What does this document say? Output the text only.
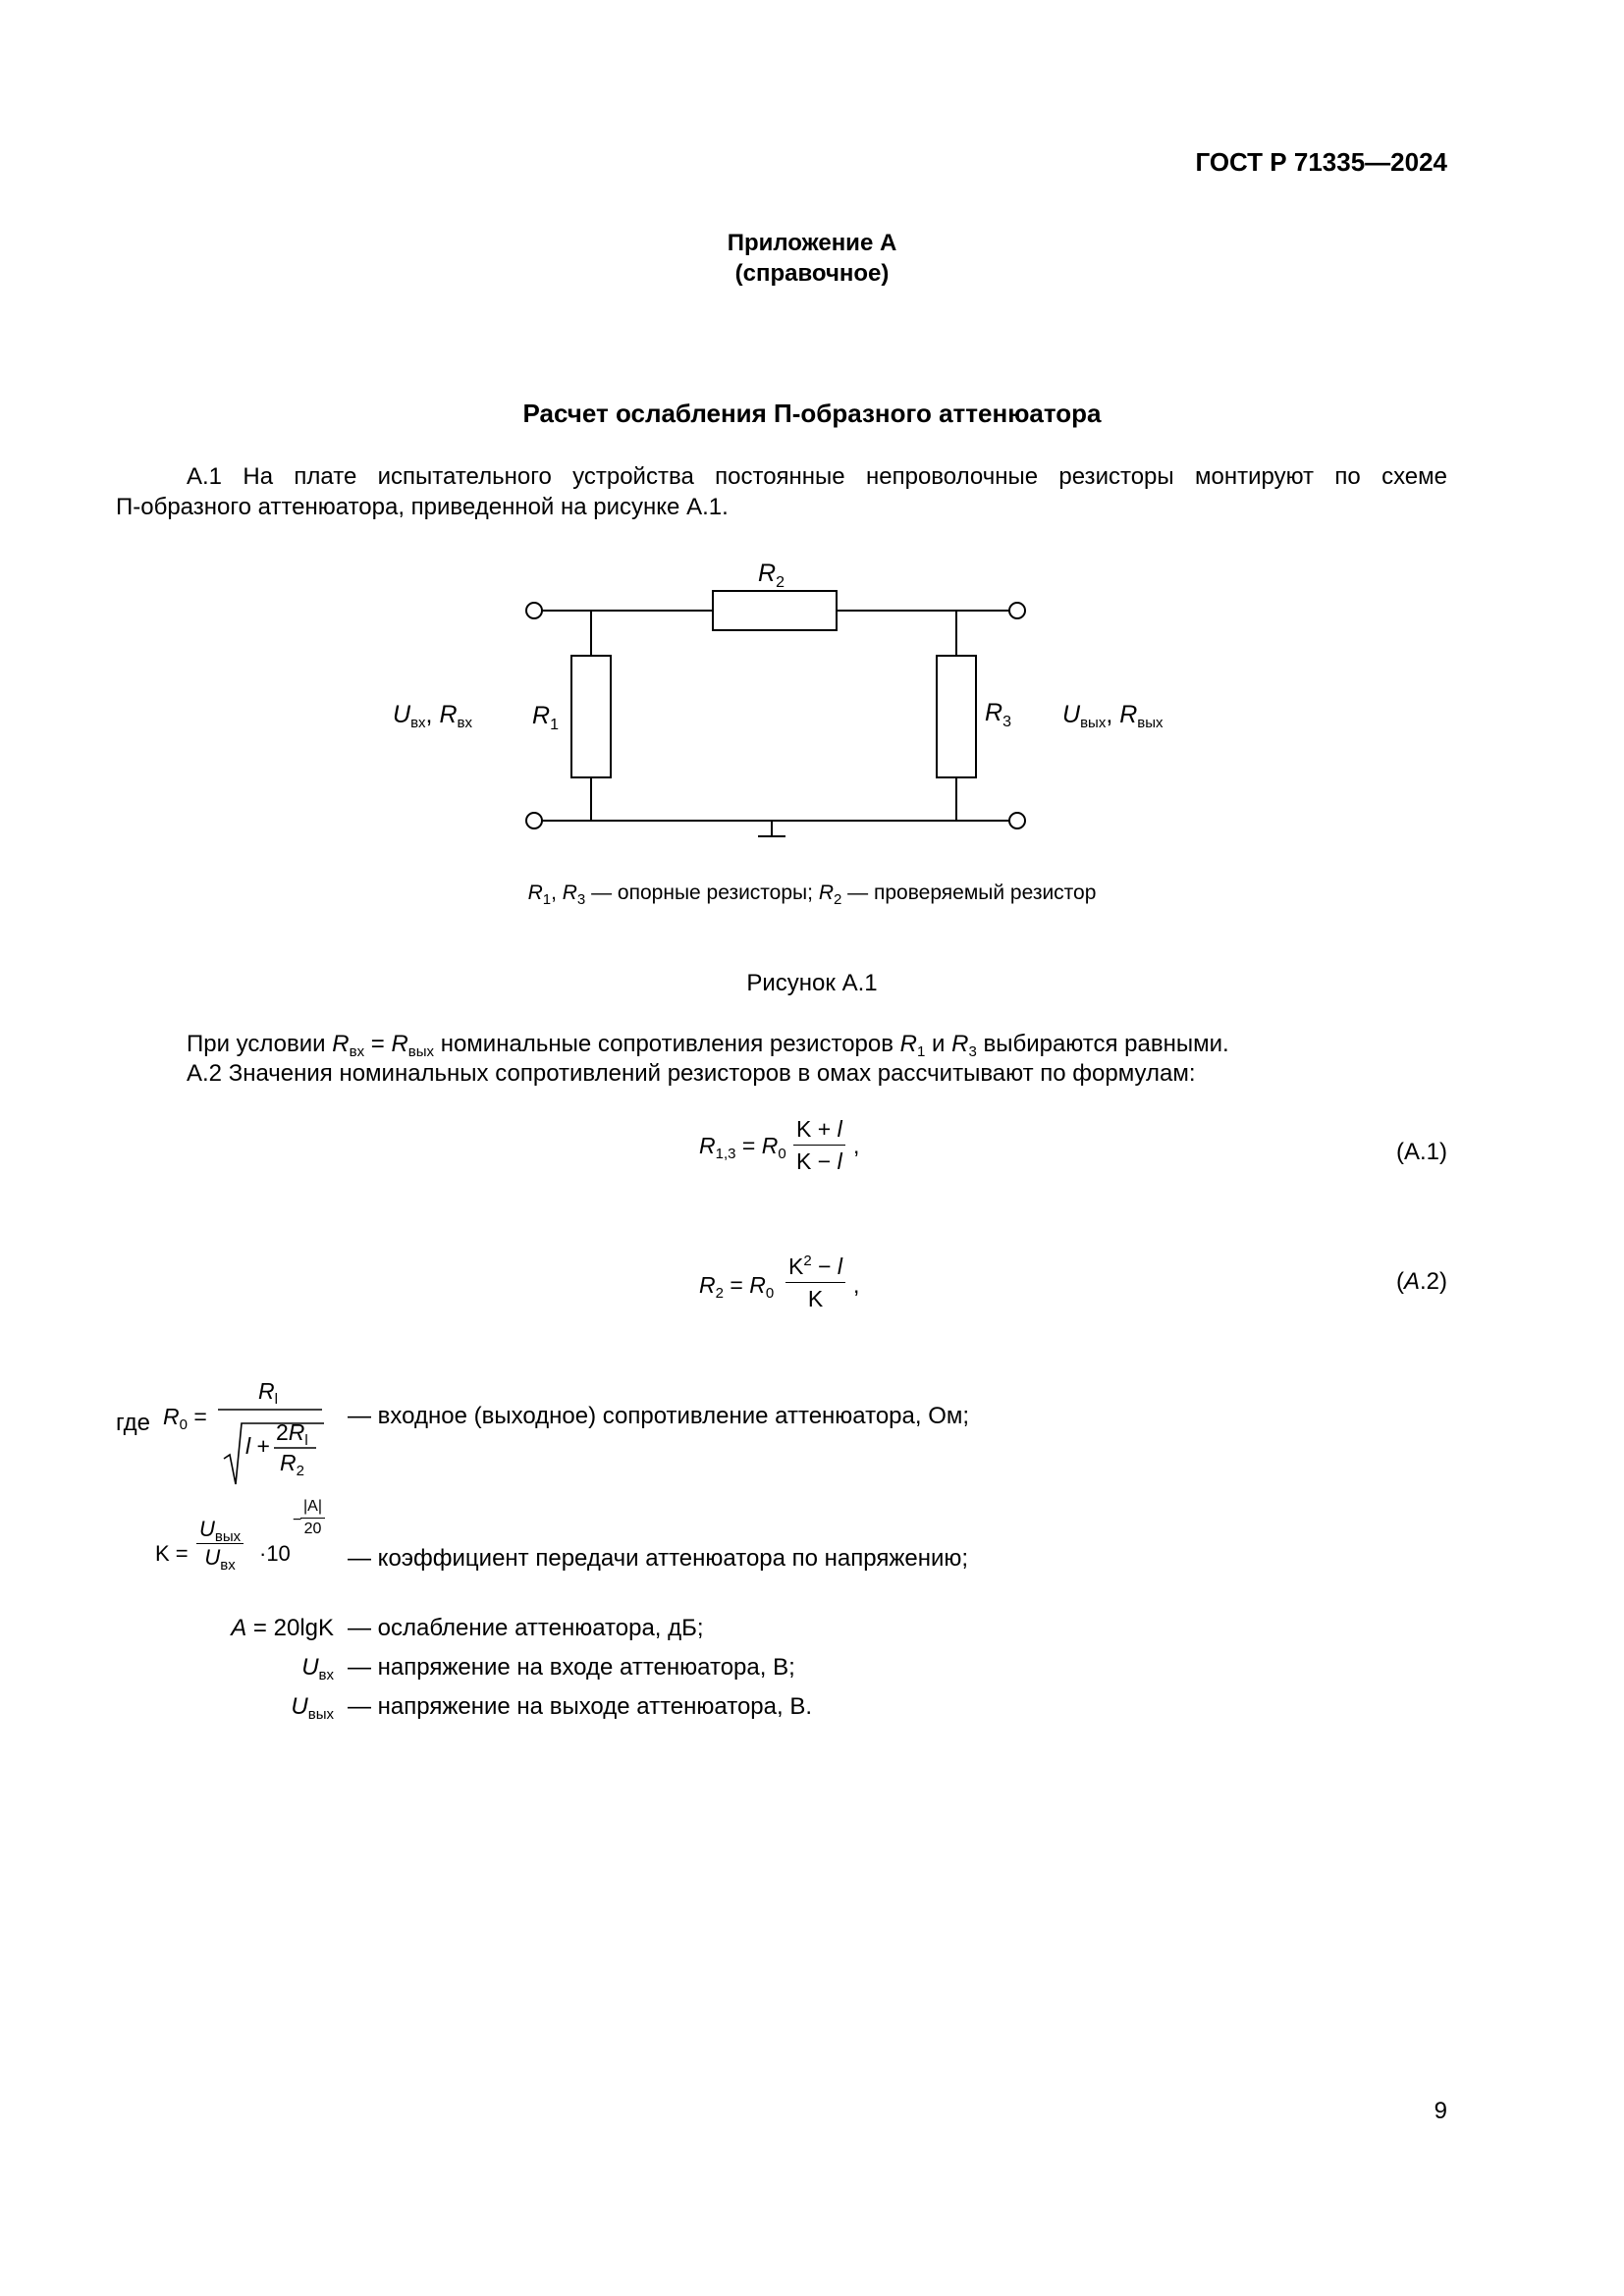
ГОСТ Р 71335—2024
Приложение А
(справочное)
Расчет ослабления П-образного аттенюатора
А.1 На плате испытательного устройства постоянные непроволочные резисторы монтируют по схеме
П-образного аттенюатора, приведенной на рисунке А.1.
$R_2$
$R_1$	$R_3$
$U_{вх}$, $R_{вх}$	$U_{вых}$, $R_{вых}$
$R_1$, $R_3$ — опорные резисторы; $R_2$ — проверяемый резистор
Рисунок А.1
При условии $R_{вх} = R_{вых}$ номинальные сопротивления резисторов $R_1$ и $R_3$ выбираются равными.
А.2 Значения номинальных сопротивлений резисторов в омах рассчитывают по формулам:
$R_{1,3} = R_0 \frac{K + l}{K - l}$ ,	(А.1)
$R_2 = R_0 \frac{K^2 - l}{K}$ ,	(A.2)
где $R_0$ =
$R_l$
l +
$2R_l$
$R_2$
— входное (выходное) сопротивление аттенюатора, Ом;
K =
$U_{вых}$
$U_{вх}$	·10
−
$\frac{|A|}{20}$
— коэффициент передачи аттенюатора по напряжению;
A = 20lgK — ослабление аттенюатора, дБ;
$U_{вх}$ — напряжение на входе аттенюатора, В;
$U_{вых}$ — напряжение на выходе аттенюатора, В.
9
